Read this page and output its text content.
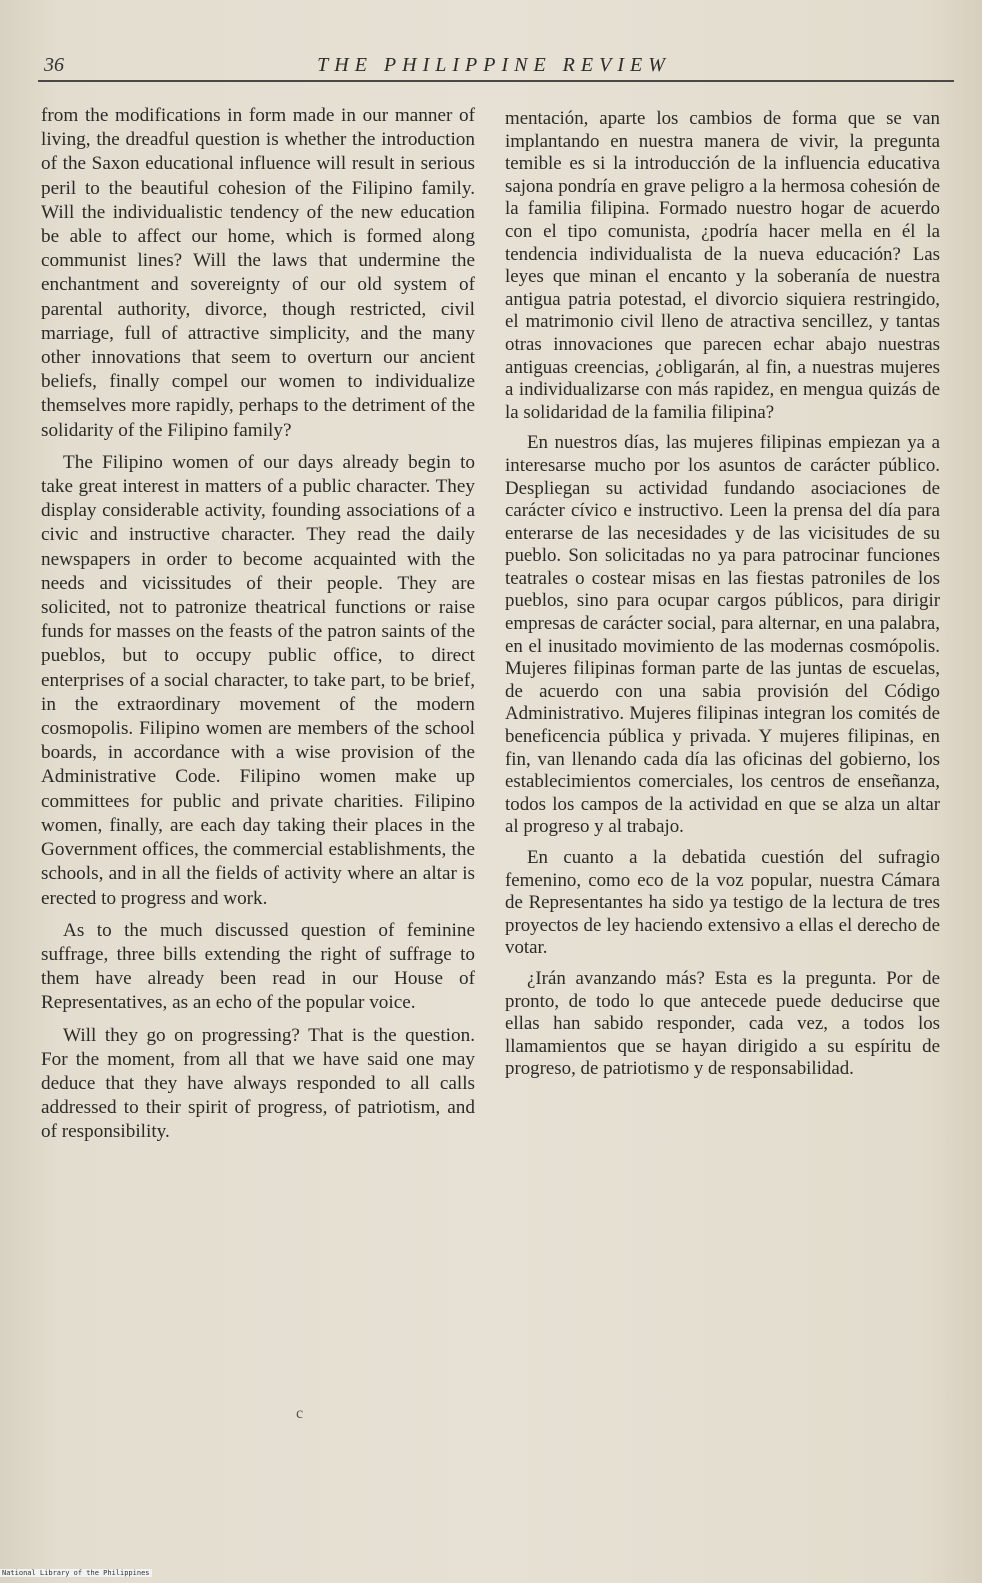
36	THE PHILIPPINE REVIEW

from the modifications in form made in our manner of living, the dreadful question is whether the introduction of the Saxon educational influence will result in serious peril to the beautiful cohesion of the Filipino family. Will the individualistic tendency of the new education be able to affect our home, which is formed along communist lines? Will the laws that undermine the enchantment and sovereignty of our old system of parental authority, divorce, though restricted, civil marriage, full of attractive simplicity, and the many other innovations that seem to overturn our ancient beliefs, finally compel our women to individualize themselves more rapidly, perhaps to the detriment of the solidarity of the Filipino family?

The Filipino women of our days already begin to take great interest in matters of a public character. They display considerable activity, founding associations of a civic and instructive character. They read the daily newspapers in order to become acquainted with the needs and vicissitudes of their people. They are solicited, not to patronize theatrical functions or raise funds for masses on the feasts of the patron saints of the pueblos, but to occupy public office, to direct enterprises of a social character, to take part, to be brief, in the extraordinary movement of the modern cosmopolis. Filipino women are members of the school boards, in accordance with a wise provision of the Administrative Code. Filipino women make up committees for public and private charities. Filipino women, finally, are each day taking their places in the Government offices, the commercial establishments, the schools, and in all the fields of activity where an altar is erected to progress and work.

As to the much discussed question of feminine suffrage, three bills extending the right of suffrage to them have already been read in our House of Representatives, as an echo of the popular voice.

Will they go on progressing? That is the question. For the moment, from all that we have said one may deduce that they have always responded to all calls addressed to their spirit of progress, of patriotism, and of responsibility.

mentación, aparte los cambios de forma que se van implantando en nuestra manera de vivir, la pregunta temible es si la introducción de la influencia educativa sajona pondría en grave peligro a la hermosa cohesión de la familia filipina. Formado nuestro hogar de acuerdo con el tipo comunista, ¿podría hacer mella en él la tendencia individualista de la nueva educación? Las leyes que minan el encanto y la soberanía de nuestra antigua patria potestad, el divorcio siquiera restringido, el matrimonio civil lleno de atractiva sencillez, y tantas otras innovaciones que parecen echar abajo nuestras antiguas creencias, ¿obligarán, al fin, a nuestras mujeres a individualizarse con más rapidez, en mengua quizás de la solidaridad de la familia filipina?

En nuestros días, las mujeres filipinas empiezan ya a interesarse mucho por los asuntos de carácter público. Despliegan su actividad fundando asociaciones de carácter cívico e instructivo. Leen la prensa del día para enterarse de las necesidades y de las vicisitudes de su pueblo. Son solicitadas no ya para patrocinar funciones teatrales o costear misas en las fiestas patroniles de los pueblos, sino para ocupar cargos públicos, para dirigir empresas de carácter social, para alternar, en una palabra, en el inusitado movimiento de las modernas cosmópolis. Mujeres filipinas forman parte de las juntas de escuelas, de acuerdo con una sabia provisión del Código Administrativo. Mujeres filipinas integran los comités de beneficencia pública y privada. Y mujeres filipinas, en fin, van llenando cada día las oficinas del gobierno, los establecimientos comerciales, los centros de enseñanza, todos los campos de la actividad en que se alza un altar al progreso y al trabajo.

En cuanto a la debatida cuestión del sufragio femenino, como eco de la voz popular, nuestra Cámara de Representantes ha sido ya testigo de la lectura de tres proyectos de ley haciendo extensivo a ellas el derecho de votar.

¿Irán avanzando más? Esta es la pregunta. Por de pronto, de todo lo que antecede puede deducirse que ellas han sabido responder, cada vez, a todos los llamamientos que se hayan dirigido a su espíritu de progreso, de patriotismo y de responsabilidad.

c
National Library of the Philippines
